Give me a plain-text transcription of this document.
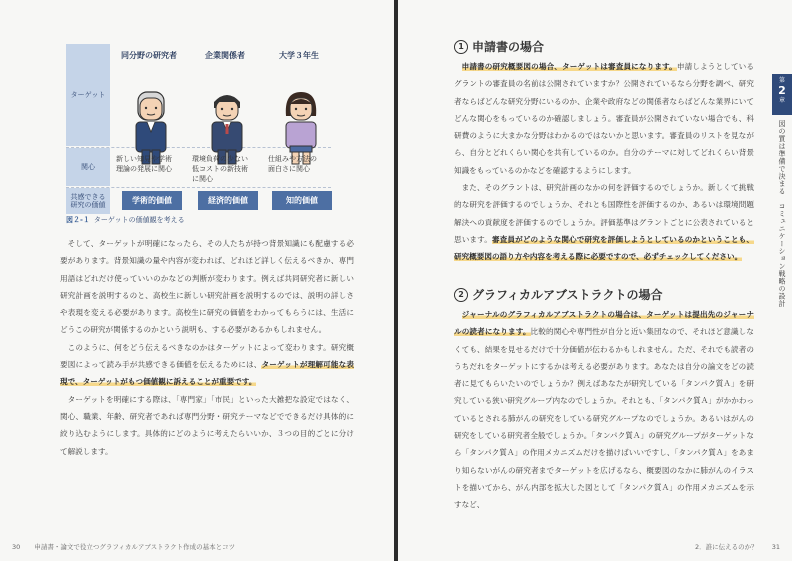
ターゲット
関心
共感できる
研究の価値
同分野の研究者
新しい知見や学術
理論の発展に関心
学術的価値
企業関係者
環境負荷の少ない
低コストの新技術
に関心
経済的価値
大学３年生
仕組みや方法の
面白さに関心
知的価値
図２-１ ターゲットの価値観を考える

そして、ターゲットが明確になったら、その人たちが持つ背景知識にも配慮する必要があります。背景知識の量や内容が変われば、どれほど詳しく伝えるべきか、専門用語はどれだけ使っていいのかなどの判断が変わります。例えば共同研究者に新しい研究計画を説明するのと、高校生に新しい研究計画を説明するのでは、説明の詳しさや表現を変える必要があります。高校生に研究の価値をわかってもらうには、生活にどうこの研究が関係するのかという説明も、する必要があるかもしれません。

このように、何をどう伝えるべきなのかはターゲットによって変わります。研究概要図によって読み手が共感できる価値を伝えるためには、ターゲットが理解可能な表現で、ターゲットがもつ価値観に訴えることが重要です。

ターゲットを明確にする際は、「専門家」「市民」といった大雑把な設定ではなく、関心、職業、年齢、研究者であれば専門分野・研究テーマなどでできるだけ具体的に絞り込むようにします。具体的にどのように考えたらいいか、３つの目的ごとに分けて解説します。

30 申請書・論文で役立つグラフィカルアブストラクト作成の基本とコツ
1 申請書の場合

申請書の研究概要図の場合、ターゲットは審査員になります。申請しようとしているグラントの審査員の名前は公開されていますか？公開されているなら分野を調べ、研究者ならばどんな研究分野にいるのか、企業や政府などの関係者ならばどんな業界にいてどんな関心をもっているのか確認しましょう。審査員が公開されていない場合でも、科研費のように大まかな分野はわかるのではないかと思います。審査員のリストを見ながら、自分とどれくらい関心を共有しているのか。自分のテーマに対してどれくらい背景知識をもっているのかなどを確認するようにします。

また、そのグラントは、研究計画のなかの何を評価するのでしょうか。新しくて挑戦的な研究を評価するのでしょうか、それとも国際性を評価するのか、あるいは環境問題解決への貢献度を評価するのでしょうか。評価基準はグラントごとに公表されていると思います。審査員がどのような関心で研究を評価しようとしているのかということも、研究概要図の語り方や内容を考える際に必要ですので、必ずチェックしてください。

2 グラフィカルアブストラクトの場合

ジャーナルのグラフィカルアブストラクトの場合は、ターゲットは提出先のジャーナルの読者になります。比較的関心や専門性が自分と近い集団なので、それほど意識しなくても、結果を見せるだけで十分価値が伝わるかもしれません。ただ、それでも読者のうちだれをターゲットにするかは考える必要があります。あなたは自分の論文をどの読者に見てもらいたいのでしょうか？例えばあなたが研究している「タンパク質Ａ」を研究している狭い研究グループ内なのでしょうか。それとも、「タンパク質Ａ」がかかわっているとされる肺がんの研究をしている研究グループなのでしょうか。あるいはがんの研究をしている研究者全般でしょうか。「タンパク質Ａ」の研究グループがターゲットなら「タンパク質Ａ」の作用メカニズムだけを描けばいいですし、「タンパク質Ａ」をあまり知らないがんの研究者までターゲットを広げるなら、概要図のなかに肺がんのイラストを描いてから、がん内部を拡大した図として「タンパク質Ａ」の作用メカニズムを示すなど、

第
2
章
図の質は準備で決まる　コミュニケーション戦略の設計
2．誰に伝えるのか？ 31
